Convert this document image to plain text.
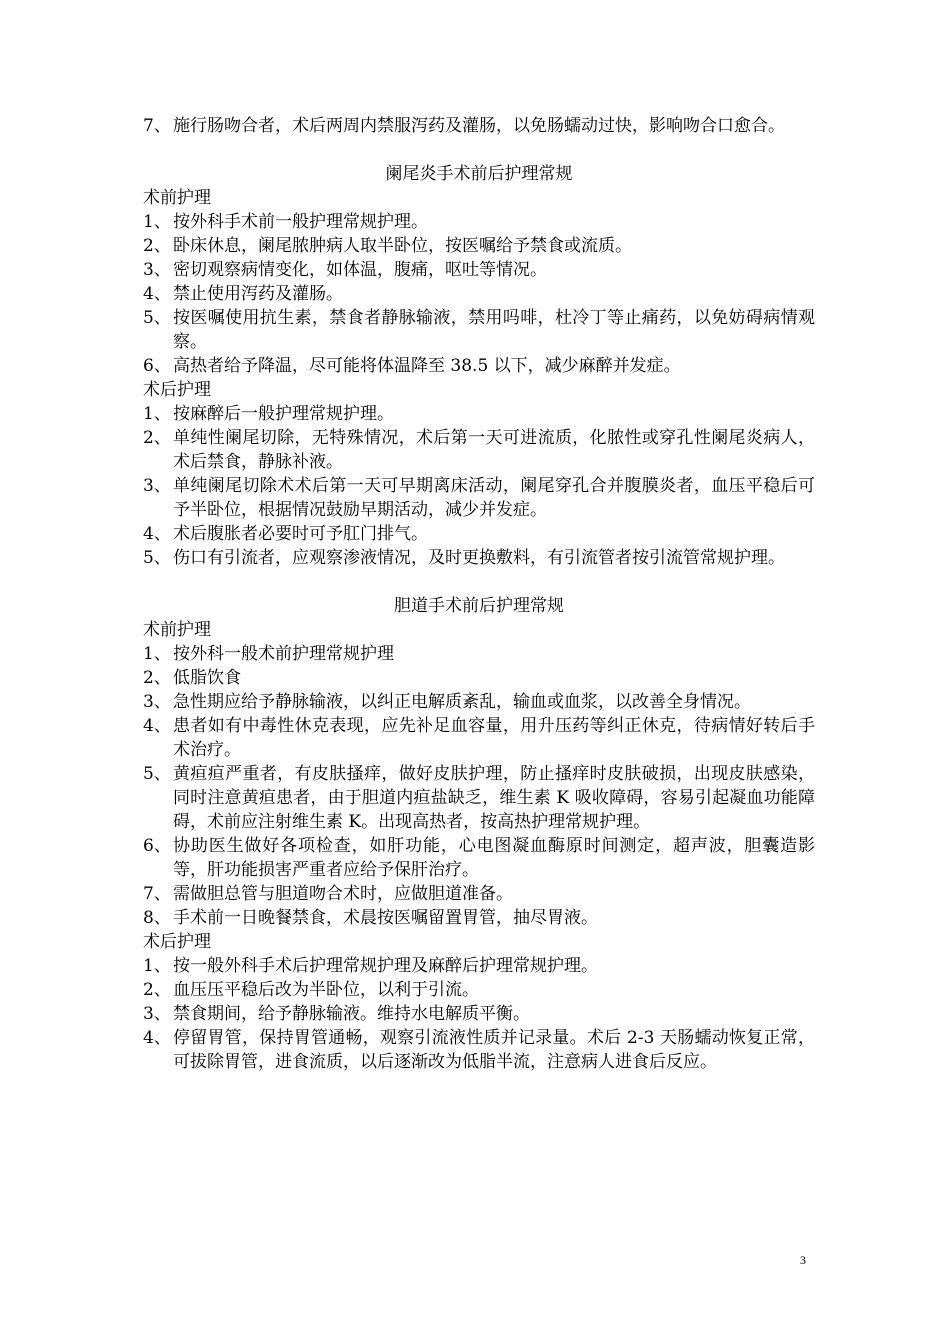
7、 施行肠吻合者，术后两周内禁服泻药及灌肠，以免肠蠕动过快，影响吻合口愈合。
阑尾炎手术前后护理常规
术前护理
1、 按外科手术前一般护理常规护理。
2、 卧床休息，阑尾脓肿病人取半卧位，按医嘱给予禁食或流质。
3、 密切观察病情变化，如体温，腹痛，呕吐等情况。
4、 禁止使用泻药及灌肠。
5、 按医嘱使用抗生素，禁食者静脉输液，禁用吗啡，杜冷丁等止痛药，以免妨碍病情观察。
6、 高热者给予降温，尽可能将体温降至 38.5 以下，减少麻醉并发症。
术后护理
1、 按麻醉后一般护理常规护理。
2、 单纯性阑尾切除，无特殊情况，术后第一天可进流质，化脓性或穿孔性阑尾炎病人，术后禁食，静脉补液。
3、 单纯阑尾切除术术后第一天可早期离床活动，阑尾穿孔合并腹膜炎者，血压平稳后可予半卧位，根据情况鼓励早期活动，减少并发症。
4、 术后腹胀者必要时可予肛门排气。
5、 伤口有引流者，应观察渗液情况，及时更换敷料，有引流管者按引流管常规护理。
胆道手术前后护理常规
术前护理
1、 按外科一般术前护理常规护理
2、 低脂饮食
3、 急性期应给予静脉输液，以纠正电解质紊乱，输血或血浆，以改善全身情况。
4、 患者如有中毒性休克表现，应先补足血容量，用升压药等纠正休克，待病情好转后手术治疗。
5、 黄疸疸严重者，有皮肤搔痒，做好皮肤护理，防止搔痒时皮肤破损，出现皮肤感染，同时注意黄疸患者，由于胆道内疸盐缺乏，维生素 K 吸收障碍，容易引起凝血功能障碍，术前应注射维生素 K。出现高热者，按高热护理常规护理。
6、 协助医生做好各项检查，如肝功能，心电图凝血酶原时间测定，超声波，胆囊造影等，肝功能损害严重者应给予保肝治疗。
7、 需做胆总管与胆道吻合术时，应做胆道准备。
8、 手术前一日晚餐禁食，术晨按医嘱留置胃管，抽尽胃液。
术后护理
1、 按一般外科手术后护理常规护理及麻醉后护理常规护理。
2、 血压压平稳后改为半卧位，以利于引流。
3、 禁食期间，给予静脉输液。维持水电解质平衡。
4、 停留胃管，保持胃管通畅，观察引流液性质并记录量。术后 2-3 天肠蠕动恢复正常，可拔除胃管，进食流质，以后逐渐改为低脂半流，注意病人进食后反应。
3
